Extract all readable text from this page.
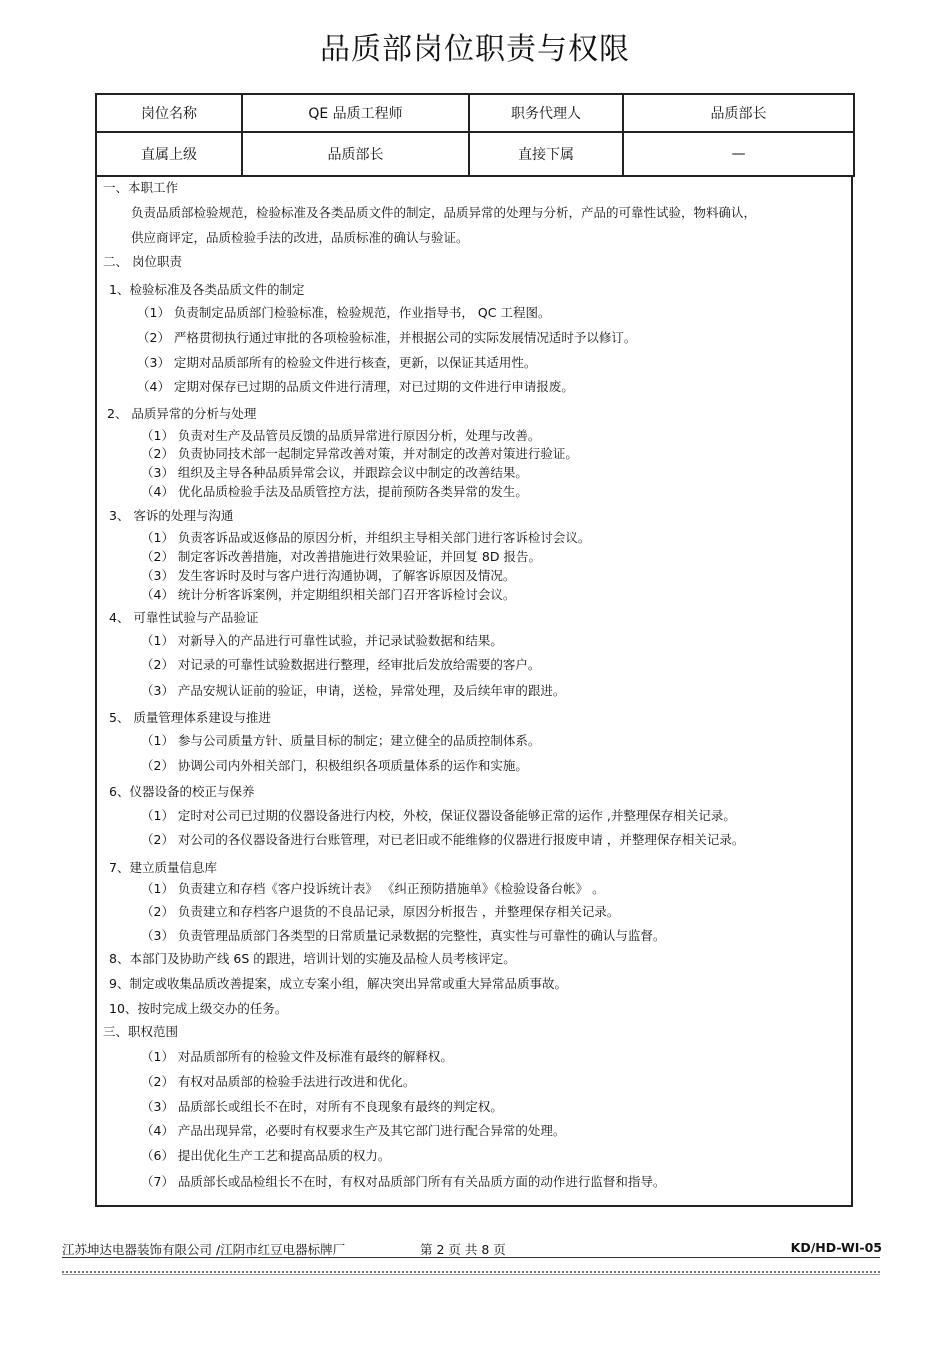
品质部岗位职责与权限
岗位名称	QE 品质工程师	职务代理人	品质部长
直属上级	品质部长	直接下属	—
一、本职工作
负责品质部检验规范，检验标准及各类品质文件的制定，品质异常的处理与分析，产品的可靠性试验，物料确认，
供应商评定，品质检验手法的改进，品质标准的确认与验证。
二、 岗位职责
1、检验标准及各类品质文件的制定
（1） 负责制定品质部门检验标准，检验规范，作业指导书， QC 工程图。
（2） 严格贯彻执行通过审批的各项检验标准，并根据公司的实际发展情况适时予以修订。
（3） 定期对品质部所有的检验文件进行核查，更新，以保证其适用性。
（4） 定期对保存已过期的品质文件进行清理，对已过期的文件进行申请报废。
2、 品质异常的分析与处理
（1） 负责对生产及品管员反馈的品质异常进行原因分析，处理与改善。
（2） 负责协同技术部一起制定异常改善对策，并对制定的改善对策进行验证。
（3） 组织及主导各种品质异常会议，并跟踪会议中制定的改善结果。
（4） 优化品质检验手法及品质管控方法，提前预防各类异常的发生。
3、 客诉的处理与沟通
（1） 负责客诉品或返修品的原因分析，并组织主导相关部门进行客诉检讨会议。
（2） 制定客诉改善措施，对改善措施进行效果验证，并回复 8D 报告。
（3） 发生客诉时及时与客户进行沟通协调，了解客诉原因及情况。
（4） 统计分析客诉案例，并定期组织相关部门召开客诉检讨会议。
4、 可靠性试验与产品验证
（1） 对新导入的产品进行可靠性试验，并记录试验数据和结果。
（2） 对记录的可靠性试验数据进行整理，经审批后发放给需要的客户。
（3） 产品安规认证前的验证，申请，送检，异常处理，及后续年审的跟进。
5、 质量管理体系建设与推进
（1） 参与公司质量方针、质量目标的制定；建立健全的品质控制体系。
（2） 协调公司内外相关部门，积极组织各项质量体系的运作和实施。
6、仪器设备的校正与保养
（1） 定时对公司已过期的仪器设备进行内校，外校，保证仪器设备能够正常的运作 ,并整理保存相关记录。
（2） 对公司的各仪器设备进行台账管理，对已老旧或不能维修的仪器进行报废申请 ，并整理保存相关记录。
7、建立质量信息库
（1） 负责建立和存档《客户投诉统计表》 《纠正预防措施单》《检验设备台帐》 。
（2） 负责建立和存档客户退货的不良品记录，原因分析报告 ，并整理保存相关记录。
（3） 负责管理品质部门各类型的日常质量记录数据的完整性，真实性与可靠性的确认与监督。
8、本部门及协助产线 6S 的跟进，培训计划的实施及品检人员考核评定。
9、制定或收集品质改善提案，成立专案小组，解决突出异常或重大异常品质事故。
10、按时完成上级交办的任务。
三、职权范围
（1） 对品质部所有的检验文件及标准有最终的解释权。
（2） 有权对品质部的检验手法进行改进和优化。
（3） 品质部长或组长不在时，对所有不良现象有最终的判定权。
（4） 产品出现异常，必要时有权要求生产及其它部门进行配合异常的处理。
（6） 提出优化生产工艺和提高品质的权力。
（7） 品质部长或品检组长不在时，有权对品质部门所有有关品质方面的动作进行监督和指导。
江苏坤达电器装饰有限公司 /江阴市红豆电器标牌厂	第 2 页 共 8 页	KD/HD-WI-05
